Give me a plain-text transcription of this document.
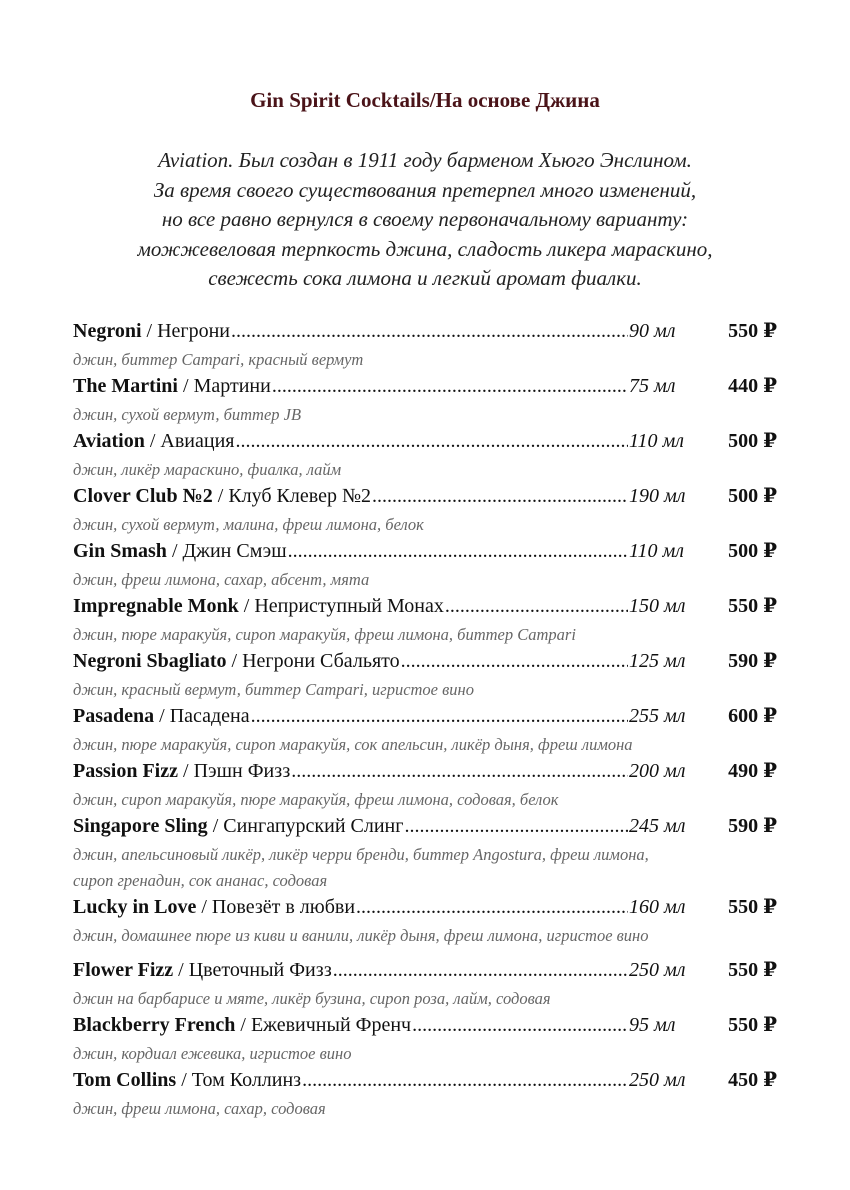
Gin Spirit Cocktails/На основе Джина
Aviation. Был создан в 1911 году барменом Хьюго Энслином.
За время своего существования претерпел много изменений,
но все равно вернулся в своему первоначальному варианту:
можжевеловая терпкость джина, сладость ликера мараскино,
свежесть сока лимона и легкий аромат фиалки.
Negroni / Негрони .....	90 мл	550 ₽
джин, биттер Campari, красный вермут
The Martini / Мартини .....	75 мл	440 ₽
джин, сухой вермут, биттер JB
Aviation / Авиация .....	110 мл	500 ₽
джин, ликёр мараскино, фиалка, лайм
Clover Club №2 / Клуб Клевер №2 .....	190 мл	500 ₽
джин, сухой вермут, малина, фреш лимона, белок
Gin Smash / Джин Смэш .....	110 мл	500 ₽
джин, фреш лимона, сахар, абсент, мята
Impregnable Monk / Неприступный Монах .....	150 мл	550 ₽
джин, пюре маракуйя, сироп маракуйя, фреш лимона, биттер Campari
Negroni Sbagliato / Негрони Сбальято .....	125 мл	590 ₽
джин, красный вермут, биттер Campari, игристое вино
Pasadena / Пасадена .....	255 мл	600 ₽
джин, пюре маракуйя, сироп маракуйя, сок апельсин, ликёр дыня, фреш лимона
Passion Fizz / Пэшн Физз .....	200 мл	490 ₽
джин, сироп маракуйя, пюре маракуйя, фреш лимона, содовая, белок
Singapore Sling / Сингапурский Слинг .....	245 мл	590 ₽
джин, апельсиновый ликёр, ликёр черри бренди, биттер Angostura, фреш лимона,
сироп гренадин, сок ананас, содовая
Lucky in Love / Повезёт в любви .....	160 мл	550 ₽
джин, домашнее пюре из киви и ванили, ликёр дыня, фреш лимона, игристое вино
Flower Fizz / Цветочный Физз .....	250 мл	550 ₽
джин на барбарисе и мяте, ликёр бузина, сироп роза, лайм, содовая
Blackberry French / Ежевичный Френч .....	95 мл	550 ₽
джин, кордиал ежевика, игристое вино
Tom Collins / Том Коллинз .....	250 мл	450 ₽
джин, фреш лимона, сахар, содовая
